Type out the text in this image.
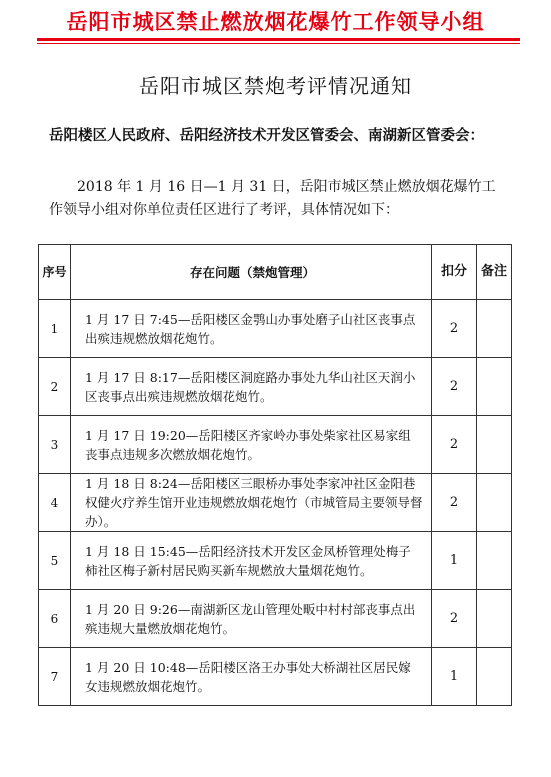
岳阳市城区禁止燃放烟花爆竹工作领导小组
岳阳市城区禁炮考评情况通知
岳阳楼区人民政府、岳阳经济技术开发区管委会、南湖新区管委会：
2018 年 1 月 16 日—1 月 31 日，岳阳市城区禁止燃放烟花爆竹工作领导小组对你单位责任区进行了考评，具体情况如下：
序号	存在问题（禁炮管理）	扣分	备注
1	1 月 17 日 7:45—岳阳楼区金鹗山办事处磨子山社区丧事点出殡违规燃放烟花炮竹。	2	
2	1 月 17 日 8:17—岳阳楼区洞庭路办事处九华山社区天润小区丧事点出殡违规燃放烟花炮竹。	2	
3	1 月 17 日 19:20—岳阳楼区齐家岭办事处柴家社区易家组丧事点违规多次燃放烟花炮竹。	2	
4	1 月 18 日 8:24—岳阳楼区三眼桥办事处李家冲社区金阳巷权健火疗养生馆开业违规燃放烟花炮竹（市城管局主要领导督办）。	2	
5	1 月 18 日 15:45—岳阳经济技术开发区金凤桥管理处梅子柿社区梅子新村居民购买新车规燃放大量烟花炮竹。	1	
6	1 月 20 日 9:26—南湖新区龙山管理处畈中村村部丧事点出殡违规大量燃放烟花炮竹。	2	
7	1 月 20 日 10:48—岳阳楼区洛王办事处大桥湖社区居民嫁女违规燃放烟花炮竹。	1	
